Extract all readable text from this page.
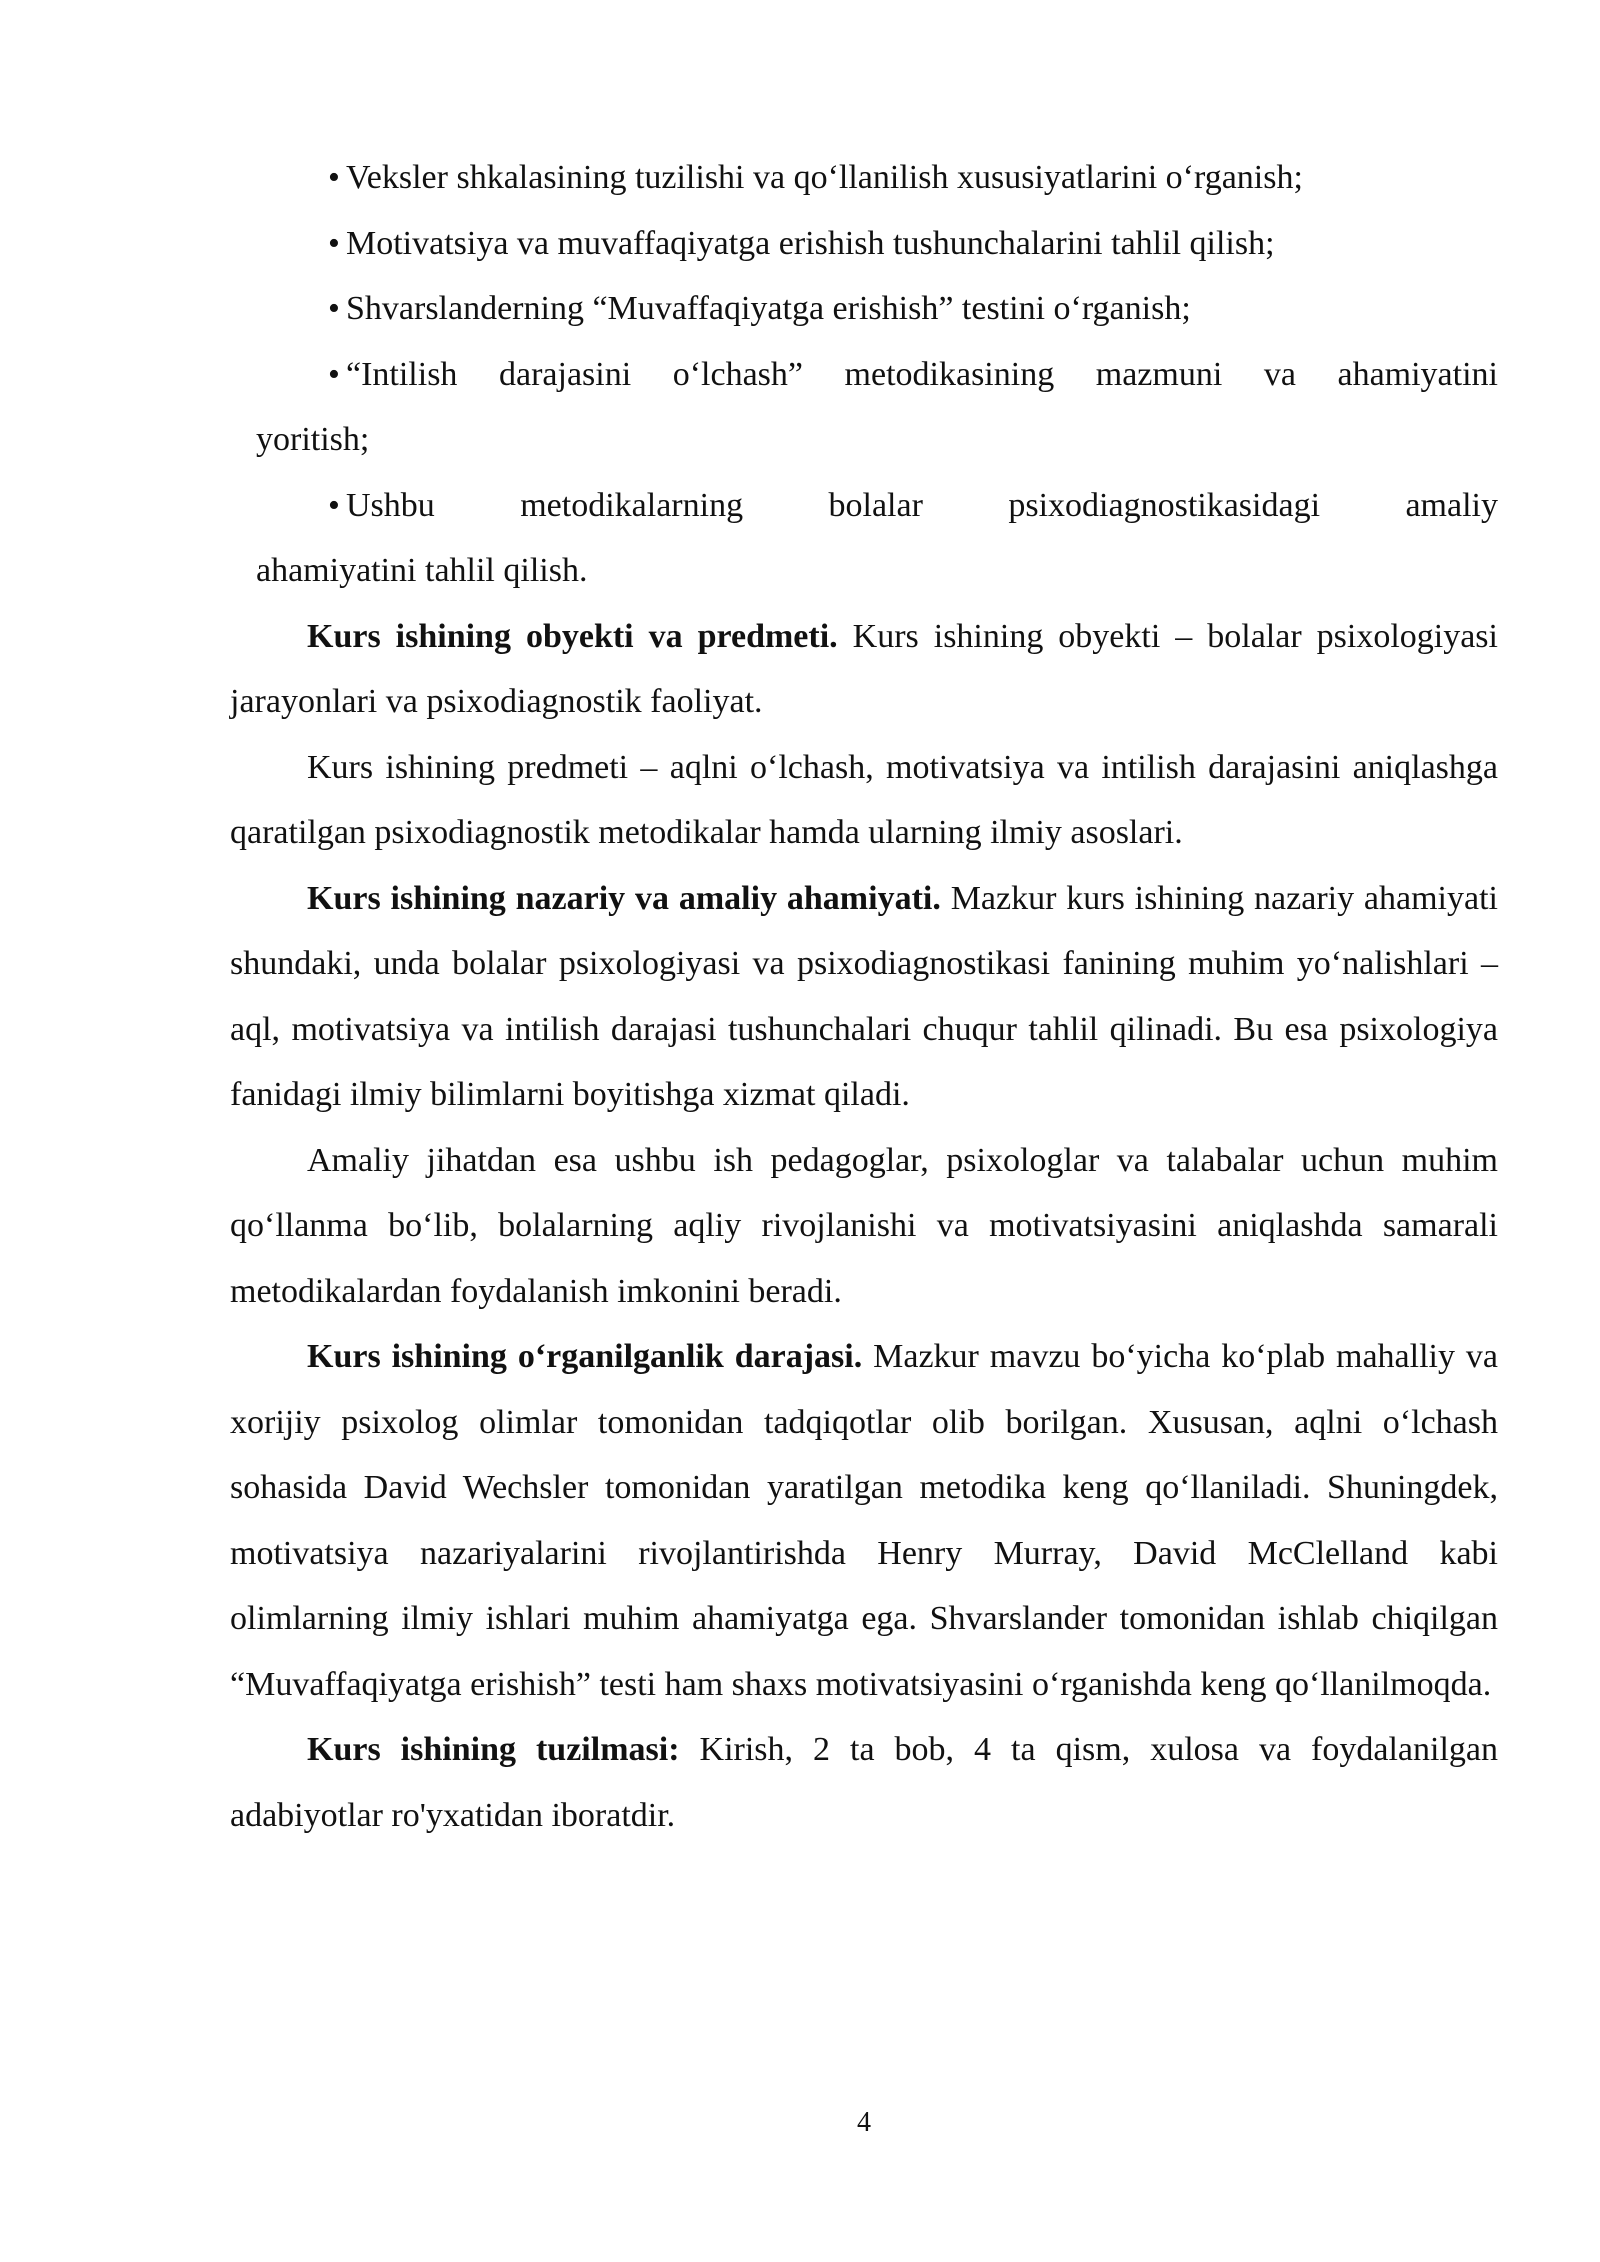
• Veksler shkalasining tuzilishi va qo‘llanilish xususiyatlarini o‘rganish;
• Motivatsiya va muvaffaqiyatga erishish tushunchalarini tahlil qilish;
• Shvarslanderning “Muvaffaqiyatga erishish” testini o‘rganish;
• “Intilish darajasini o‘lchash” metodikasining mazmuni va ahamiyatini
yoritish;
• Ushbu metodikalarning bolalar psixodiagnostikasidagi amaliy
ahamiyatini tahlil qilish.

Kurs ishining obyekti va predmeti. Kurs ishining obyekti – bolalar psixologiyasi jarayonlari va psixodiagnostik faoliyat.

Kurs ishining predmeti – aqlni o‘lchash, motivatsiya va intilish darajasini aniqlashga qaratilgan psixodiagnostik metodikalar hamda ularning ilmiy asoslari.

Kurs ishining nazariy va amaliy ahamiyati. Mazkur kurs ishining nazariy ahamiyati shundaki, unda bolalar psixologiyasi va psixodiagnostikasi fanining muhim yo‘nalishlari – aql, motivatsiya va intilish darajasi tushunchalari chuqur tahlil qilinadi. Bu esa psixologiya fanidagi ilmiy bilimlarni boyitishga xizmat qiladi.

Amaliy jihatdan esa ushbu ish pedagoglar, psixologlar va talabalar uchun muhim qo‘llanma bo‘lib, bolalarning aqliy rivojlanishi va motivatsiyasini aniqlashda samarali metodikalardan foydalanish imkonini beradi.

Kurs ishining o‘rganilganlik darajasi. Mazkur mavzu bo‘yicha ko‘plab mahalliy va xorijiy psixolog olimlar tomonidan tadqiqotlar olib borilgan. Xususan, aqlni o‘lchash sohasida David Wechsler tomonidan yaratilgan metodika keng qo‘llaniladi. Shuningdek, motivatsiya nazariyalarini rivojlantirishda Henry Murray, David McClelland kabi olimlarning ilmiy ishlari muhim ahamiyatga ega. Shvarslander tomonidan ishlab chiqilgan “Muvaffaqiyatga erishish” testi ham shaxs motivatsiyasini o‘rganishda keng qo‘llanilmoqda.

Kurs ishining tuzilmasi: Kirish, 2 ta bob, 4 ta qism, xulosa va foydalanilgan adabiyotlar ro'yxatidan iboratdir.

4
